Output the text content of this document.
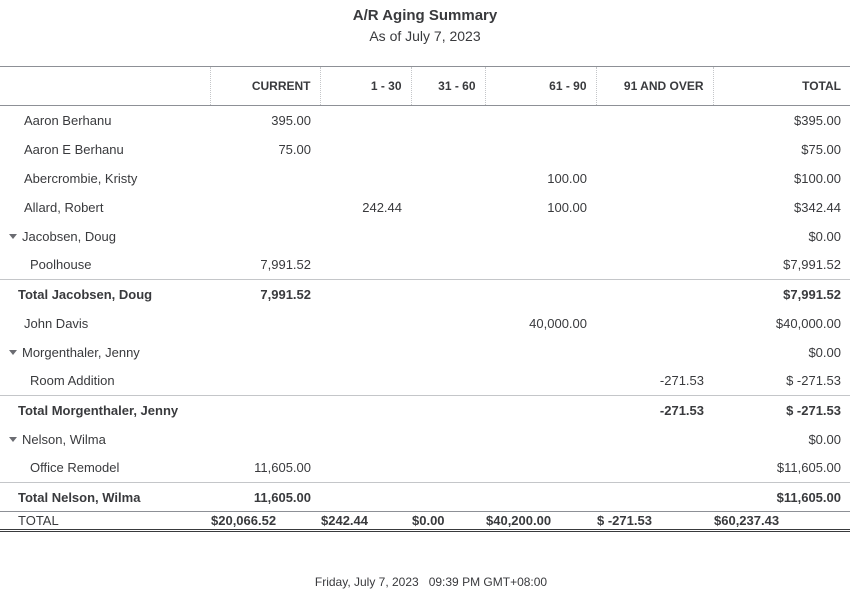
A/R Aging Summary
As of July 7, 2023
	CURRENT	1 - 30	31 - 60	61 - 90	91 AND OVER	TOTAL
Aaron Berhanu	395.00					$395.00
Aaron E Berhanu	75.00					$75.00
Abercrombie, Kristy				100.00		$100.00
Allard, Robert		242.44		100.00		$342.44
Jacobsen, Doug						$0.00
Poolhouse	7,991.52					$7,991.52
Total Jacobsen, Doug	7,991.52					$7,991.52
John Davis				40,000.00		$40,000.00
Morgenthaler, Jenny						$0.00
Room Addition					-271.53	$ -271.53
Total Morgenthaler, Jenny					-271.53	$ -271.53
Nelson, Wilma						$0.00
Office Remodel	11,605.00					$11,605.00
Total Nelson, Wilma	11,605.00					$11,605.00
TOTAL	$20,066.52	$242.44	$0.00	$40,200.00	$ -271.53	$60,237.43
Friday, July 7, 2023   09:39 PM GMT+08:00
